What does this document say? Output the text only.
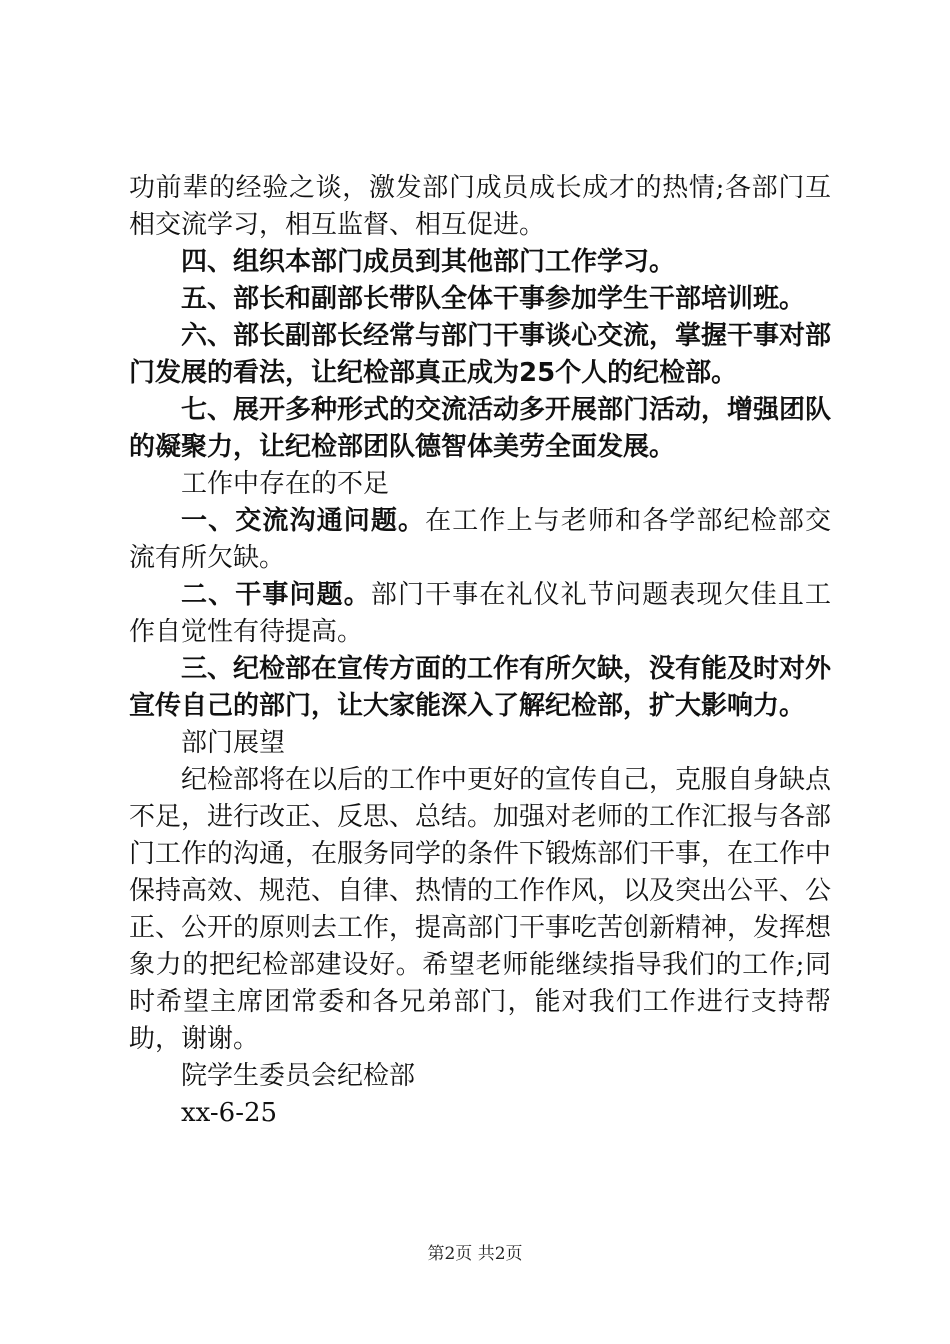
功前辈的经验之谈，激发部门成员成长成才的热情;各部门互相交流学习，相互监督、相互促进。

四、组织本部门成员到其他部门工作学习。

五、部长和副部长带队全体干事参加学生干部培训班。

六、部长副部长经常与部门干事谈心交流，掌握干事对部门发展的看法，让纪检部真正成为25个人的纪检部。

七、展开多种形式的交流活动多开展部门活动，增强团队的凝聚力，让纪检部团队德智体美劳全面发展。

工作中存在的不足

一、交流沟通问题。在工作上与老师和各学部纪检部交流有所欠缺。

二、干事问题。部门干事在礼仪礼节问题表现欠佳且工作自觉性有待提高。

三、纪检部在宣传方面的工作有所欠缺，没有能及时对外宣传自己的部门，让大家能深入了解纪检部，扩大影响力。

部门展望

纪检部将在以后的工作中更好的宣传自己，克服自身缺点不足，进行改正、反思、总结。加强对老师的工作汇报与各部门工作的沟通，在服务同学的条件下锻炼部们干事，在工作中保持高效、规范、自律、热情的工作作风，以及突出公平、公正、公开的原则去工作，提高部门干事吃苦创新精神，发挥想象力的把纪检部建设好。希望老师能继续指导我们的工作;同时希望主席团常委和各兄弟部门，能对我们工作进行支持帮助，谢谢。

院学生委员会纪检部

xx-6-25

第2页 共2页
